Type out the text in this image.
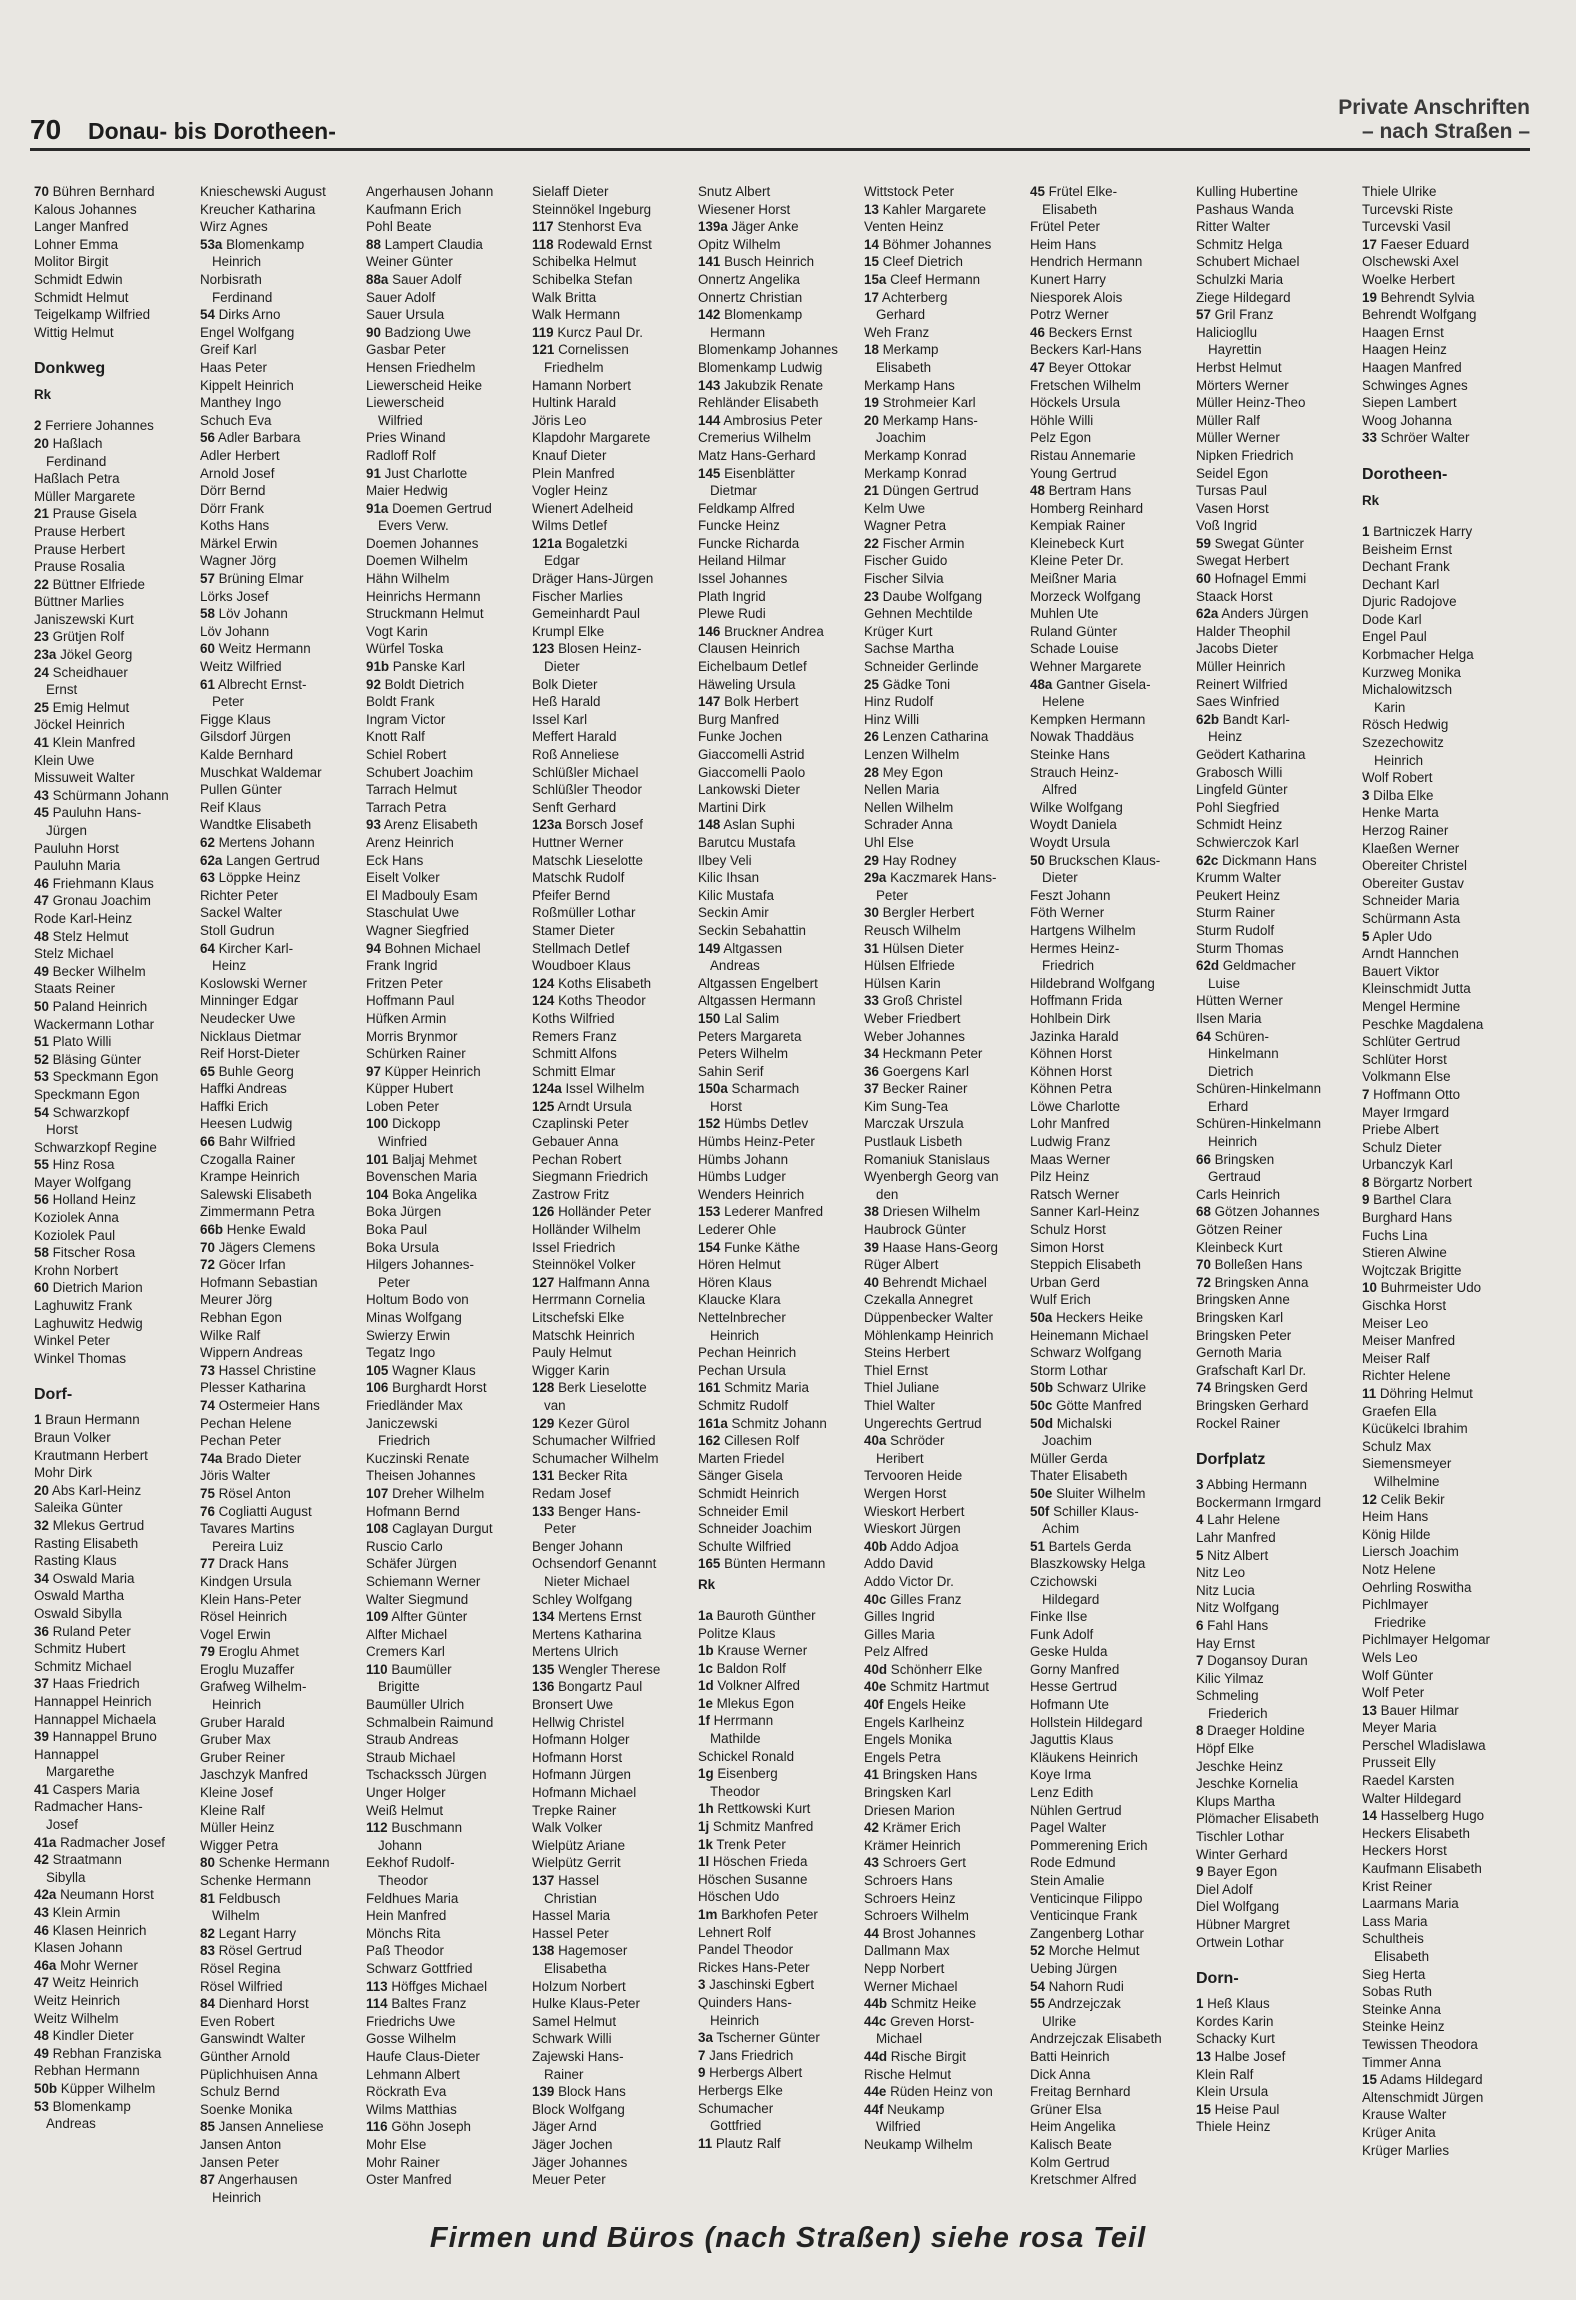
70 Donau- bis Dorotheen-
Private Anschriften
– nach Straßen –
70 Bühren Bernhard
Kalous Johannes
Langer Manfred
Lohner Emma
Molitor Birgit
Schmidt Edwin
Schmidt Helmut
Teigelkamp Wilfried
Wittig Helmut
Donkweg
Rk
2 Ferriere Johannes
20 Haßlach
Ferdinand
Haßlach Petra
Müller Margarete
21 Prause Gisela
Prause Herbert
Prause Herbert
Prause Rosalia
22 Büttner Elfriede
Büttner Marlies
Janiszewski Kurt
23 Grütjen Rolf
23a Jökel Georg
24 Scheidhauer
Ernst
25 Emig Helmut
Jöckel Heinrich
41 Klein Manfred
Klein Uwe
Missuweit Walter
43 Schürmann Johann
45 Pauluhn Hans-
Jürgen
Pauluhn Horst
Pauluhn Maria
46 Friehmann Klaus
47 Gronau Joachim
Rode Karl-Heinz
48 Stelz Helmut
Stelz Michael
49 Becker Wilhelm
Staats Reiner
50 Paland Heinrich
Wackermann Lothar
51 Plato Willi
52 Bläsing Günter
53 Speckmann Egon
Speckmann Egon
54 Schwarzkopf
Horst
Schwarzkopf Regine
55 Hinz Rosa
Mayer Wolfgang
56 Holland Heinz
Koziolek Anna
Koziolek Paul
58 Fitscher Rosa
Krohn Norbert
60 Dietrich Marion
Laghuwitz Frank
Laghuwitz Hedwig
Winkel Peter
Winkel Thomas
Dorf-
1 Braun Hermann
Braun Volker
Krautmann Herbert
Mohr Dirk
20 Abs Karl-Heinz
Saleika Günter
32 Mlekus Gertrud
Rasting Elisabeth
Rasting Klaus
34 Oswald Maria
Oswald Martha
Oswald Sibylla
36 Ruland Peter
Schmitz Hubert
Schmitz Michael
37 Haas Friedrich
Hannappel Heinrich
Hannappel Michaela
39 Hannappel Bruno
Hannappel
Margarethe
41 Caspers Maria
Radmacher Hans-
Josef
41a Radmacher Josef
42 Straatmann
Sibylla
42a Neumann Horst
43 Klein Armin
46 Klasen Heinrich
Klasen Johann
46a Mohr Werner
47 Weitz Heinrich
Weitz Heinrich
Weitz Wilhelm
48 Kindler Dieter
49 Rebhan Franziska
Rebhan Hermann
50b Küpper Wilhelm
53 Blomenkamp
Andreas
Knieschewski August
Kreucher Katharina
Wirz Agnes
53a Blomenkamp
Heinrich
Norbisrath
Ferdinand
54 Dirks Arno
Engel Wolfgang
Greif Karl
Haas Peter
Kippelt Heinrich
Manthey Ingo
Schuch Eva
56 Adler Barbara
Adler Herbert
Arnold Josef
Dörr Bernd
Dörr Frank
Koths Hans
Märkel Erwin
Wagner Jörg
57 Brüning Elmar
Lörks Josef
58 Löv Johann
Löv Johann
60 Weitz Hermann
Weitz Wilfried
61 Albrecht Ernst-
Peter
Figge Klaus
Gilsdorf Jürgen
Kalde Bernhard
Muschkat Waldemar
Pullen Günter
Reif Klaus
Wandtke Elisabeth
62 Mertens Johann
62a Langen Gertrud
63 Löppke Heinz
Richter Peter
Sackel Walter
Stoll Gudrun
64 Kircher Karl-
Heinz
Koslowski Werner
Minninger Edgar
Neudecker Uwe
Nicklaus Dietmar
Reif Horst-Dieter
65 Buhle Georg
Haffki Andreas
Haffki Erich
Heesen Ludwig
66 Bahr Wilfried
Czogalla Rainer
Krampe Heinrich
Salewski Elisabeth
Zimmermann Petra
66b Henke Ewald
70 Jägers Clemens
72 Göcer Irfan
Hofmann Sebastian
Meurer Jörg
Rebhan Egon
Wilke Ralf
Wippern Andreas
73 Hassel Christine
Plesser Katharina
74 Ostermeier Hans
Pechan Helene
Pechan Peter
74a Brado Dieter
Jöris Walter
75 Rösel Anton
76 Cogliatti August
Tavares Martins
Pereira Luiz
77 Drack Hans
Kindgen Ursula
Klein Hans-Peter
Rösel Heinrich
Vogel Erwin
79 Eroglu Ahmet
Eroglu Muzaffer
Grafweg Wilhelm-
Heinrich
Gruber Harald
Gruber Max
Gruber Reiner
Jaschzyk Manfred
Kleine Josef
Kleine Ralf
Müller Heinz
Wigger Petra
80 Schenke Hermann
Schenke Hermann
81 Feldbusch
Wilhelm
82 Legant Harry
83 Rösel Gertrud
Rösel Regina
Rösel Wilfried
84 Dienhard Horst
Even Robert
Ganswindt Walter
Günther Arnold
Püplichhuisen Anna
Schulz Bernd
Soenke Monika
85 Jansen Anneliese
Jansen Anton
Jansen Peter
87 Angerhausen
Heinrich
Angerhausen Johann
Kaufmann Erich
Pohl Beate
88 Lampert Claudia
Weiner Günter
88a Sauer Adolf
Sauer Adolf
Sauer Ursula
90 Badziong Uwe
Gasbar Peter
Hensen Friedhelm
Liewerscheid Heike
Liewerscheid
Wilfried
Pries Winand
Radloff Rolf
91 Just Charlotte
Maier Hedwig
91a Doemen Gertrud
Evers Verw.
Doemen Johannes
Doemen Wilhelm
Hähn Wilhelm
Heinrichs Hermann
Struckmann Helmut
Vogt Karin
Würfel Toska
91b Panske Karl
92 Boldt Dietrich
Boldt Frank
Ingram Victor
Knott Ralf
Schiel Robert
Schubert Joachim
Tarrach Helmut
Tarrach Petra
93 Arenz Elisabeth
Arenz Heinrich
Eck Hans
Eiselt Volker
El Madbouly Esam
Staschulat Uwe
Wagner Siegfried
94 Bohnen Michael
Frank Ingrid
Fritzen Peter
Hoffmann Paul
Hüfken Armin
Morris Brynmor
Schürken Rainer
97 Küpper Heinrich
Küpper Hubert
Loben Peter
100 Dickopp
Winfried
101 Baljaj Mehmet
Bovenschen Maria
104 Boka Angelika
Boka Jürgen
Boka Paul
Boka Ursula
Hilgers Johannes-
Peter
Holtum Bodo von
Minas Wolfgang
Swierzy Erwin
Tegatz Ingo
105 Wagner Klaus
106 Burghardt Horst
Friedländer Max
Janiczewski
Friedrich
Kuczinski Renate
Theisen Johannes
107 Dreher Wilhelm
Hofmann Bernd
108 Caglayan Durgut
Ruscio Carlo
Schäfer Jürgen
Schiemann Werner
Walter Siegmund
109 Alfter Günter
Alfter Michael
Cremers Karl
110 Baumüller
Brigitte
Baumüller Ulrich
Schmalbein Raimund
Straub Andreas
Straub Michael
Tschackssch Jürgen
Unger Holger
Weiß Helmut
112 Buschmann
Johann
Eekhof Rudolf-
Theodor
Feldhues Maria
Hein Manfred
Mönchs Rita
Paß Theodor
Schwarz Gottfried
113 Höffges Michael
114 Baltes Franz
Friedrichs Uwe
Gosse Wilhelm
Haufe Claus-Dieter
Lehmann Albert
Röckrath Eva
Wilms Matthias
116 Göhn Joseph
Mohr Else
Mohr Rainer
Oster Manfred
Sielaff Dieter
Steinnökel Ingeburg
117 Stenhorst Eva
118 Rodewald Ernst
Schibelka Helmut
Schibelka Stefan
Walk Britta
Walk Hermann
119 Kurcz Paul Dr.
121 Cornelissen
Friedhelm
Hamann Norbert
Hultink Harald
Jöris Leo
Klapdohr Margarete
Knauf Dieter
Plein Manfred
Vogler Heinz
Wienert Adelheid
Wilms Detlef
121a Bogaletzki
Edgar
Dräger Hans-Jürgen
Fischer Marlies
Gemeinhardt Paul
Krumpl Elke
123 Blosen Heinz-
Dieter
Bolk Dieter
Heß Harald
Issel Karl
Meffert Harald
Roß Anneliese
Schlüßler Michael
Schlüßler Theodor
Senft Gerhard
123a Borsch Josef
Huttner Werner
Matschk Lieselotte
Matschk Rudolf
Pfeifer Bernd
Roßmüller Lothar
Stamer Dieter
Stellmach Detlef
Woudboer Klaus
124 Koths Elisabeth
124 Koths Theodor
Koths Wilfried
Remers Franz
Schmitt Alfons
Schmitt Elmar
124a Issel Wilhelm
125 Arndt Ursula
Czaplinski Peter
Gebauer Anna
Pechan Robert
Siegmann Friedrich
Zastrow Fritz
126 Holländer Peter
Holländer Wilhelm
Issel Friedrich
Steinnökel Volker
127 Halfmann Anna
Herrmann Cornelia
Litschefski Elke
Matschk Heinrich
Pauly Helmut
Wigger Karin
128 Berk Lieselotte
van
129 Kezer Gürol
Schumacher Wilfried
Schumacher Wilhelm
131 Becker Rita
Redam Josef
133 Benger Hans-
Peter
Benger Johann
Ochsendorf Genannt
Nieter Michael
Schley Wolfgang
134 Mertens Ernst
Mertens Katharina
Mertens Ulrich
135 Wengler Therese
136 Bongartz Paul
Bronsert Uwe
Hellwig Christel
Hofmann Holger
Hofmann Horst
Hofmann Jürgen
Hofmann Michael
Trepke Rainer
Walk Volker
Wielpütz Ariane
Wielpütz Gerrit
137 Hassel
Christian
Hassel Maria
Hassel Peter
138 Hagemoser
Elisabetha
Holzum Norbert
Hulke Klaus-Peter
Samel Helmut
Schwark Willi
Zajewski Hans-
Rainer
139 Block Hans
Block Wolfgang
Jäger Arnd
Jäger Jochen
Jäger Johannes
Meuer Peter
Snutz Albert
Wiesener Horst
139a Jäger Anke
Opitz Wilhelm
141 Busch Heinrich
Onnertz Angelika
Onnertz Christian
142 Blomenkamp
Hermann
Blomenkamp Johannes
Blomenkamp Ludwig
143 Jakubzik Renate
Rehländer Elisabeth
144 Ambrosius Peter
Cremerius Wilhelm
Matz Hans-Gerhard
145 Eisenblätter
Dietmar
Feldkamp Alfred
Funcke Heinz
Funcke Richarda
Heiland Hilmar
Issel Johannes
Plath Ingrid
Plewe Rudi
146 Bruckner Andrea
Clausen Heinrich
Eichelbaum Detlef
Häweling Ursula
147 Bolk Herbert
Burg Manfred
Funke Jochen
Giaccomelli Astrid
Giaccomelli Paolo
Lankowski Dieter
Martini Dirk
148 Aslan Suphi
Barutcu Mustafa
Ilbey Veli
Kilic Ihsan
Kilic Mustafa
Seckin Amir
Seckin Sebahattin
149 Altgassen
Andreas
Altgassen Engelbert
Altgassen Hermann
150 Lal Salim
Peters Margareta
Peters Wilhelm
Sahin Serif
150a Scharmach
Horst
152 Hümbs Detlev
Hümbs Heinz-Peter
Hümbs Johann
Hümbs Ludger
Wenders Heinrich
153 Lederer Manfred
Lederer Ohle
154 Funke Käthe
Hören Helmut
Hören Klaus
Klaucke Klara
Nettelnbrecher
Heinrich
Pechan Heinrich
Pechan Ursula
161 Schmitz Maria
Schmitz Rudolf
161a Schmitz Johann
162 Cillesen Rolf
Marten Friedel
Sänger Gisela
Schmidt Heinrich
Schneider Emil
Schneider Joachim
Schulte Wilfried
165 Bünten Hermann
Rk
1a Bauroth Günther
Politze Klaus
1b Krause Werner
1c Baldon Rolf
1d Volkner Alfred
1e Mlekus Egon
1f Herrmann
Mathilde
Schickel Ronald
1g Eisenberg
Theodor
1h Rettkowski Kurt
1j Schmitz Manfred
1k Trenk Peter
1l Höschen Frieda
Höschen Susanne
Höschen Udo
1m Barkhofen Peter
Lehnert Rolf
Pandel Theodor
Rickes Hans-Peter
3 Jaschinski Egbert
Quinders Hans-
Heinrich
3a Tscherner Günter
7 Jans Friedrich
9 Herbergs Albert
Herbergs Elke
Schumacher
Gottfried
11 Plautz Ralf
Wittstock Peter
13 Kahler Margarete
Venten Heinz
14 Böhmer Johannes
15 Cleef Dietrich
15a Cleef Hermann
17 Achterberg
Gerhard
Weh Franz
18 Merkamp
Elisabeth
Merkamp Hans
19 Strohmeier Karl
20 Merkamp Hans-
Joachim
Merkamp Konrad
Merkamp Konrad
21 Düngen Gertrud
Kelm Uwe
Wagner Petra
22 Fischer Armin
Fischer Guido
Fischer Silvia
23 Daube Wolfgang
Gehnen Mechtilde
Krüger Kurt
Sachse Martha
Schneider Gerlinde
25 Gädke Toni
Hinz Rudolf
Hinz Willi
26 Lenzen Catharina
Lenzen Wilhelm
28 Mey Egon
Nellen Maria
Nellen Wilhelm
Schrader Anna
Uhl Else
29 Hay Rodney
29a Kaczmarek Hans-
Peter
30 Bergler Herbert
Reusch Wilhelm
31 Hülsen Dieter
Hülsen Elfriede
Hülsen Karin
33 Groß Christel
Weber Friedbert
Weber Johannes
34 Heckmann Peter
36 Goergens Karl
37 Becker Rainer
Kim Sung-Tea
Marczak Urszula
Pustlauk Lisbeth
Romaniuk Stanislaus
Wyenbergh Georg van
den
38 Driesen Wilhelm
Haubrock Günter
39 Haase Hans-Georg
Rüger Albert
40 Behrendt Michael
Czekalla Annegret
Düppenbecker Walter
Möhlenkamp Heinrich
Steins Herbert
Thiel Ernst
Thiel Juliane
Thiel Walter
Ungerechts Gertrud
40a Schröder
Heribert
Tervooren Heide
Wergen Horst
Wieskort Herbert
Wieskort Jürgen
40b Addo Adjoa
Addo David
Addo Victor Dr.
40c Gilles Franz
Gilles Ingrid
Gilles Maria
Pelz Alfred
40d Schönherr Elke
40e Schmitz Hartmut
40f Engels Heike
Engels Karlheinz
Engels Monika
Engels Petra
41 Bringsken Hans
Bringsken Karl
Driesen Marion
42 Krämer Erich
Krämer Heinrich
43 Schroers Gert
Schroers Hans
Schroers Heinz
Schroers Wilhelm
44 Brost Johannes
Dallmann Max
Nepp Norbert
Werner Michael
44b Schmitz Heike
44c Greven Horst-
Michael
44d Rische Birgit
Rische Helmut
44e Rüden Heinz von
44f Neukamp
Wilfried
Neukamp Wilhelm
45 Frütel Elke-
Elisabeth
Frütel Peter
Heim Hans
Hendrich Hermann
Kunert Harry
Niesporek Alois
Potrz Werner
46 Beckers Ernst
Beckers Karl-Hans
47 Beyer Ottokar
Fretschen Wilhelm
Höckels Ursula
Höhle Willi
Pelz Egon
Ristau Annemarie
Young Gertrud
48 Bertram Hans
Homberg Reinhard
Kempiak Rainer
Kleinebeck Kurt
Kleine Peter Dr.
Meißner Maria
Morzeck Wolfgang
Muhlen Ute
Ruland Günter
Schade Louise
Wehner Margarete
48a Gantner Gisela-
Helene
Kempken Hermann
Nowak Thaddäus
Steinke Hans
Strauch Heinz-
Alfred
Wilke Wolfgang
Woydt Daniela
Woydt Ursula
50 Bruckschen Klaus-
Dieter
Feszt Johann
Föth Werner
Hartgens Wilhelm
Hermes Heinz-
Friedrich
Hildebrand Wolfgang
Hoffmann Frida
Hohlbein Dirk
Jazinka Harald
Köhnen Horst
Köhnen Horst
Köhnen Petra
Löwe Charlotte
Lohr Manfred
Ludwig Franz
Maas Werner
Pilz Heinz
Ratsch Werner
Sanner Karl-Heinz
Schulz Horst
Simon Horst
Steppich Elisabeth
Urban Gerd
Wulf Erich
50a Heckers Heike
Heinemann Michael
Schwarz Wolfgang
Storm Lothar
50b Schwarz Ulrike
50c Götte Manfred
50d Michalski
Joachim
Müller Gerda
Thater Elisabeth
50e Sluiter Wilhelm
50f Schiller Klaus-
Achim
51 Bartels Gerda
Blaszkowsky Helga
Czichowski
Hildegard
Finke Ilse
Funk Adolf
Geske Hulda
Gorny Manfred
Hesse Gertrud
Hofmann Ute
Hollstein Hildegard
Jaguttis Klaus
Kläukens Heinrich
Koye Irma
Lenz Edith
Nühlen Gertrud
Pagel Walter
Pommerening Erich
Rode Edmund
Stein Amalie
Venticinque Filippo
Venticinque Frank
Zangenberg Lothar
52 Morche Helmut
Uebing Jürgen
54 Nahorn Rudi
55 Andrzejczak
Ulrike
Andrzejczak Elisabeth
Batti Heinrich
Dick Anna
Freitag Bernhard
Grüner Elsa
Heim Angelika
Kalisch Beate
Kolm Gertrud
Kretschmer Alfred
Kulling Hubertine
Pashaus Wanda
Ritter Walter
Schmitz Helga
Schubert Michael
Schulzki Maria
Ziege Hildegard
57 Gril Franz
Haliciogllu
Hayrettin
Herbst Helmut
Mörters Werner
Müller Heinz-Theo
Müller Ralf
Müller Werner
Nipken Friedrich
Seidel Egon
Tursas Paul
Vasen Horst
Voß Ingrid
59 Swegat Günter
Swegat Herbert
60 Hofnagel Emmi
Staack Horst
62a Anders Jürgen
Halder Theophil
Jacobs Dieter
Müller Heinrich
Reinert Wilfried
Saes Winfried
62b Bandt Karl-
Heinz
Geödert Katharina
Grabosch Willi
Lingfeld Günter
Pohl Siegfried
Schmidt Heinz
Schwierczok Karl
62c Dickmann Hans
Krumm Walter
Peukert Heinz
Sturm Rainer
Sturm Rudolf
Sturm Thomas
62d Geldmacher
Luise
Hütten Werner
Ilsen Maria
64 Schüren-
Hinkelmann
Dietrich
Schüren-Hinkelmann
Erhard
Schüren-Hinkelmann
Heinrich
66 Bringsken
Gertraud
Carls Heinrich
68 Götzen Johannes
Götzen Reiner
Kleinbeck Kurt
70 Bolleßen Hans
72 Bringsken Anna
Bringsken Anne
Bringsken Karl
Bringsken Peter
Gernoth Maria
Grafschaft Karl Dr.
74 Bringsken Gerd
Bringsken Gerhard
Rockel Rainer
Dorfplatz
3 Abbing Hermann
Bockermann Irmgard
4 Lahr Helene
Lahr Manfred
5 Nitz Albert
Nitz Leo
Nitz Lucia
Nitz Wolfgang
6 Fahl Hans
Hay Ernst
7 Dogansoy Duran
Kilic Yilmaz
Schmeling
Friederich
8 Draeger Holdine
Höpf Elke
Jeschke Heinz
Jeschke Kornelia
Klups Martha
Plömacher Elisabeth
Tischler Lothar
Winter Gerhard
9 Bayer Egon
Diel Adolf
Diel Wolfgang
Hübner Margret
Ortwein Lothar
Dorn-
1 Heß Klaus
Kordes Karin
Schacky Kurt
13 Halbe Josef
Klein Ralf
Klein Ursula
15 Heise Paul
Thiele Heinz
Thiele Ulrike
Turcevski Riste
Turcevski Vasil
17 Faeser Eduard
Olschewski Axel
Woelke Herbert
19 Behrendt Sylvia
Behrendt Wolfgang
Haagen Ernst
Haagen Heinz
Haagen Manfred
Schwinges Agnes
Siepen Lambert
Woog Johanna
33 Schröer Walter
Dorotheen-
Rk
1 Bartniczek Harry
Beisheim Ernst
Dechant Frank
Dechant Karl
Djuric Radojove
Dode Karl
Engel Paul
Korbmacher Helga
Kurzweg Monika
Michalowitzsch
Karin
Rösch Hedwig
Szezechowitz
Heinrich
Wolf Robert
3 Dilba Elke
Henke Marta
Herzog Rainer
Klaeßen Werner
Obereiter Christel
Obereiter Gustav
Schneider Maria
Schürmann Asta
5 Apler Udo
Arndt Hannchen
Bauert Viktor
Kleinschmidt Jutta
Mengel Hermine
Peschke Magdalena
Schlüter Gertrud
Schlüter Horst
Volkmann Else
7 Hoffmann Otto
Mayer Irmgard
Priebe Albert
Schulz Dieter
Urbanczyk Karl
8 Börgartz Norbert
9 Barthel Clara
Burghard Hans
Fuchs Lina
Stieren Alwine
Wojtczak Brigitte
10 Buhrmeister Udo
Gischka Horst
Meiser Leo
Meiser Manfred
Meiser Ralf
Richter Helene
11 Döhring Helmut
Graefen Ella
Kücükelci Ibrahim
Schulz Max
Siemensmeyer
Wilhelmine
12 Celik Bekir
Heim Hans
König Hilde
Liersch Joachim
Notz Helene
Oehrling Roswitha
Pichlmayer
Friedrike
Pichlmayer Helgomar
Wels Leo
Wolf Günter
Wolf Peter
13 Bauer Hilmar
Meyer Maria
Perschel Wladislawa
Prusseit Elly
Raedel Karsten
Walter Hildegard
14 Hasselberg Hugo
Heckers Elisabeth
Heckers Horst
Kaufmann Elisabeth
Krist Reiner
Laarmans Maria
Lass Maria
Schultheis
Elisabeth
Sieg Herta
Sobas Ruth
Steinke Anna
Steinke Heinz
Tewissen Theodora
Timmer Anna
15 Adams Hildegard
Altenschmidt Jürgen
Krause Walter
Krüger Anita
Krüger Marlies
Firmen und Büros (nach Straßen) siehe rosa Teil
